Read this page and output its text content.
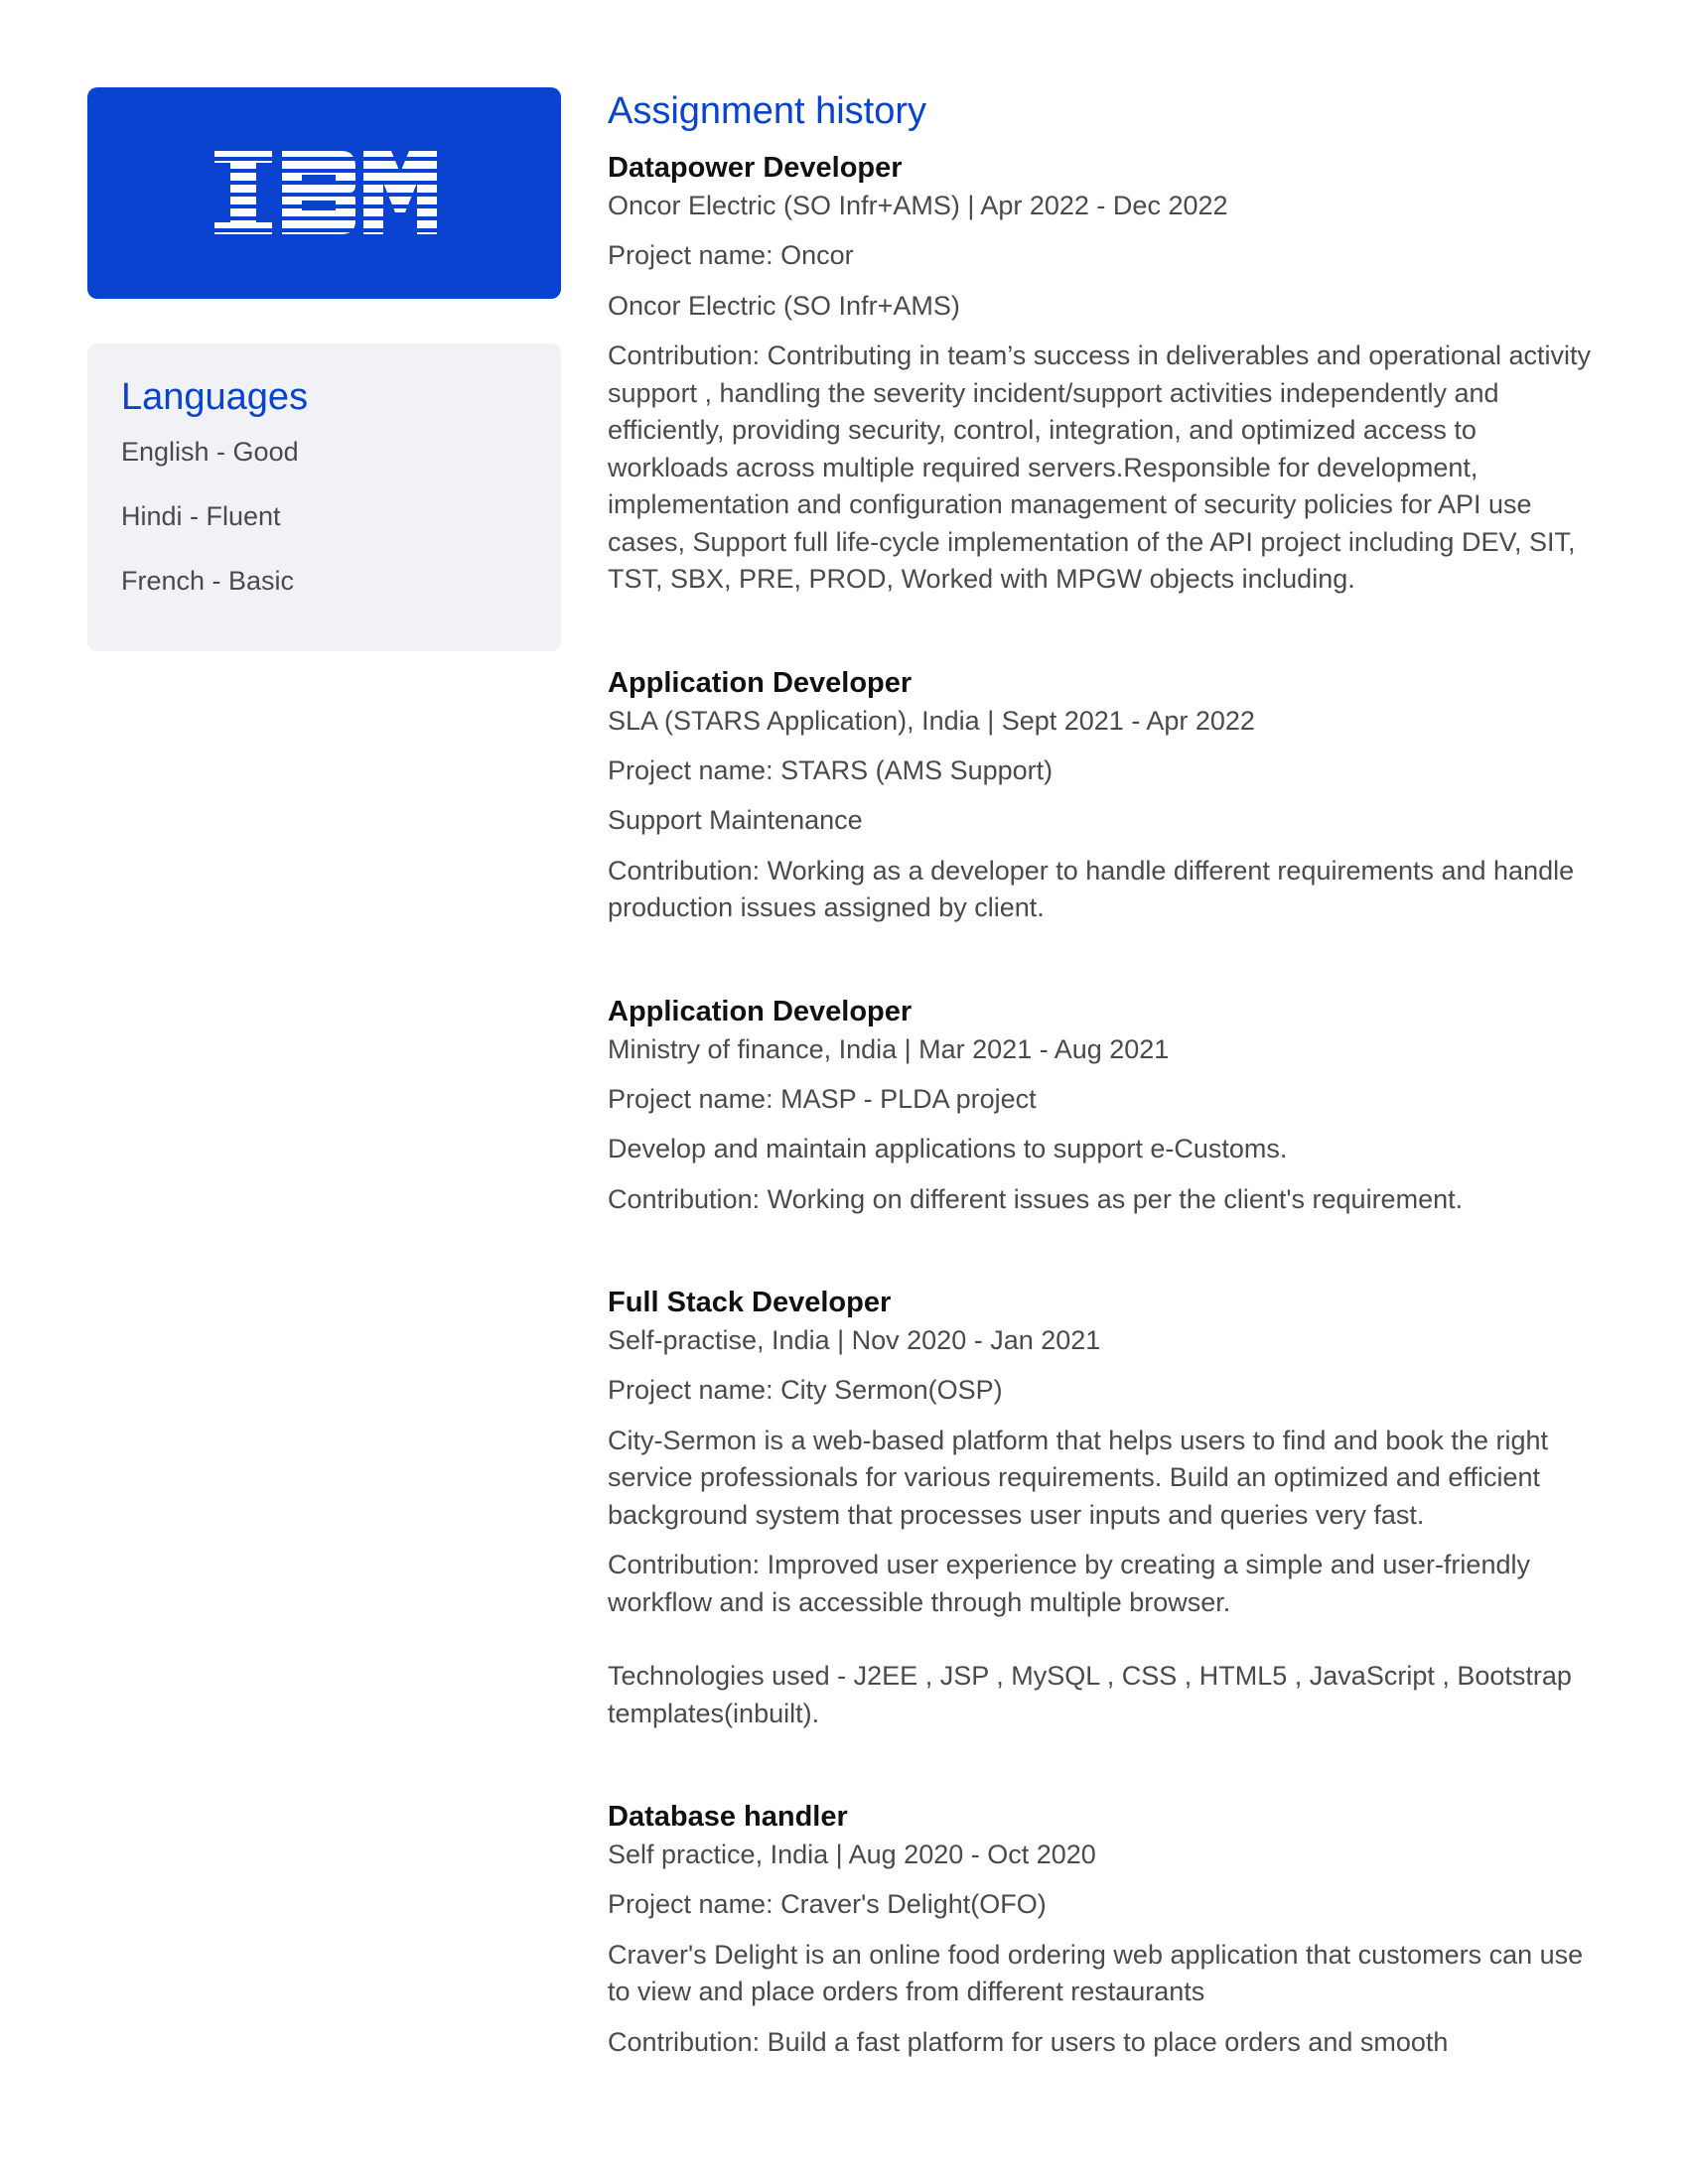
Languages
English - Good
Hindi - Fluent
French - Basic
Assignment history
Datapower Developer
Oncor Electric (SO Infr+AMS) | Apr 2022 - Dec 2022
Project name: Oncor
Oncor Electric (SO Infr+AMS)
Contribution: Contributing in team’s success in deliverables and operational activity support , handling the severity incident/support activities independently and efficiently, providing security, control, integration, and optimized access to workloads across multiple required servers.Responsible for development, implementation and configuration management of security policies for API use cases, Support full life-cycle implementation of the API project including DEV, SIT, TST, SBX, PRE, PROD, Worked with MPGW objects including.
Application Developer
SLA (STARS Application), India | Sept 2021 - Apr 2022
Project name: STARS (AMS Support)
Support Maintenance
Contribution: Working as a developer to handle different requirements and handle production issues assigned by client.
Application Developer
Ministry of finance, India | Mar 2021 - Aug 2021
Project name: MASP - PLDA project
Develop and maintain applications to support e-Customs.
Contribution: Working on different issues as per the client's requirement.
Full Stack Developer
Self-practise, India | Nov 2020 - Jan 2021
Project name: City Sermon(OSP)
City-Sermon is a web-based platform that helps users to find and book the right service professionals for various requirements. Build an optimized and efficient background system that processes user inputs and queries very fast.
Contribution: Improved user experience by creating a simple and user-friendly workflow and is accessible through multiple browser.
Technologies used - J2EE , JSP , MySQL , CSS , HTML5 , JavaScript , Bootstrap templates(inbuilt).
Database handler
Self practice, India | Aug 2020 - Oct 2020
Project name: Craver's Delight(OFO)
Craver's Delight is an online food ordering web application that customers can use to view and place orders from different restaurants
Contribution: Build a fast platform for users to place orders and smooth
